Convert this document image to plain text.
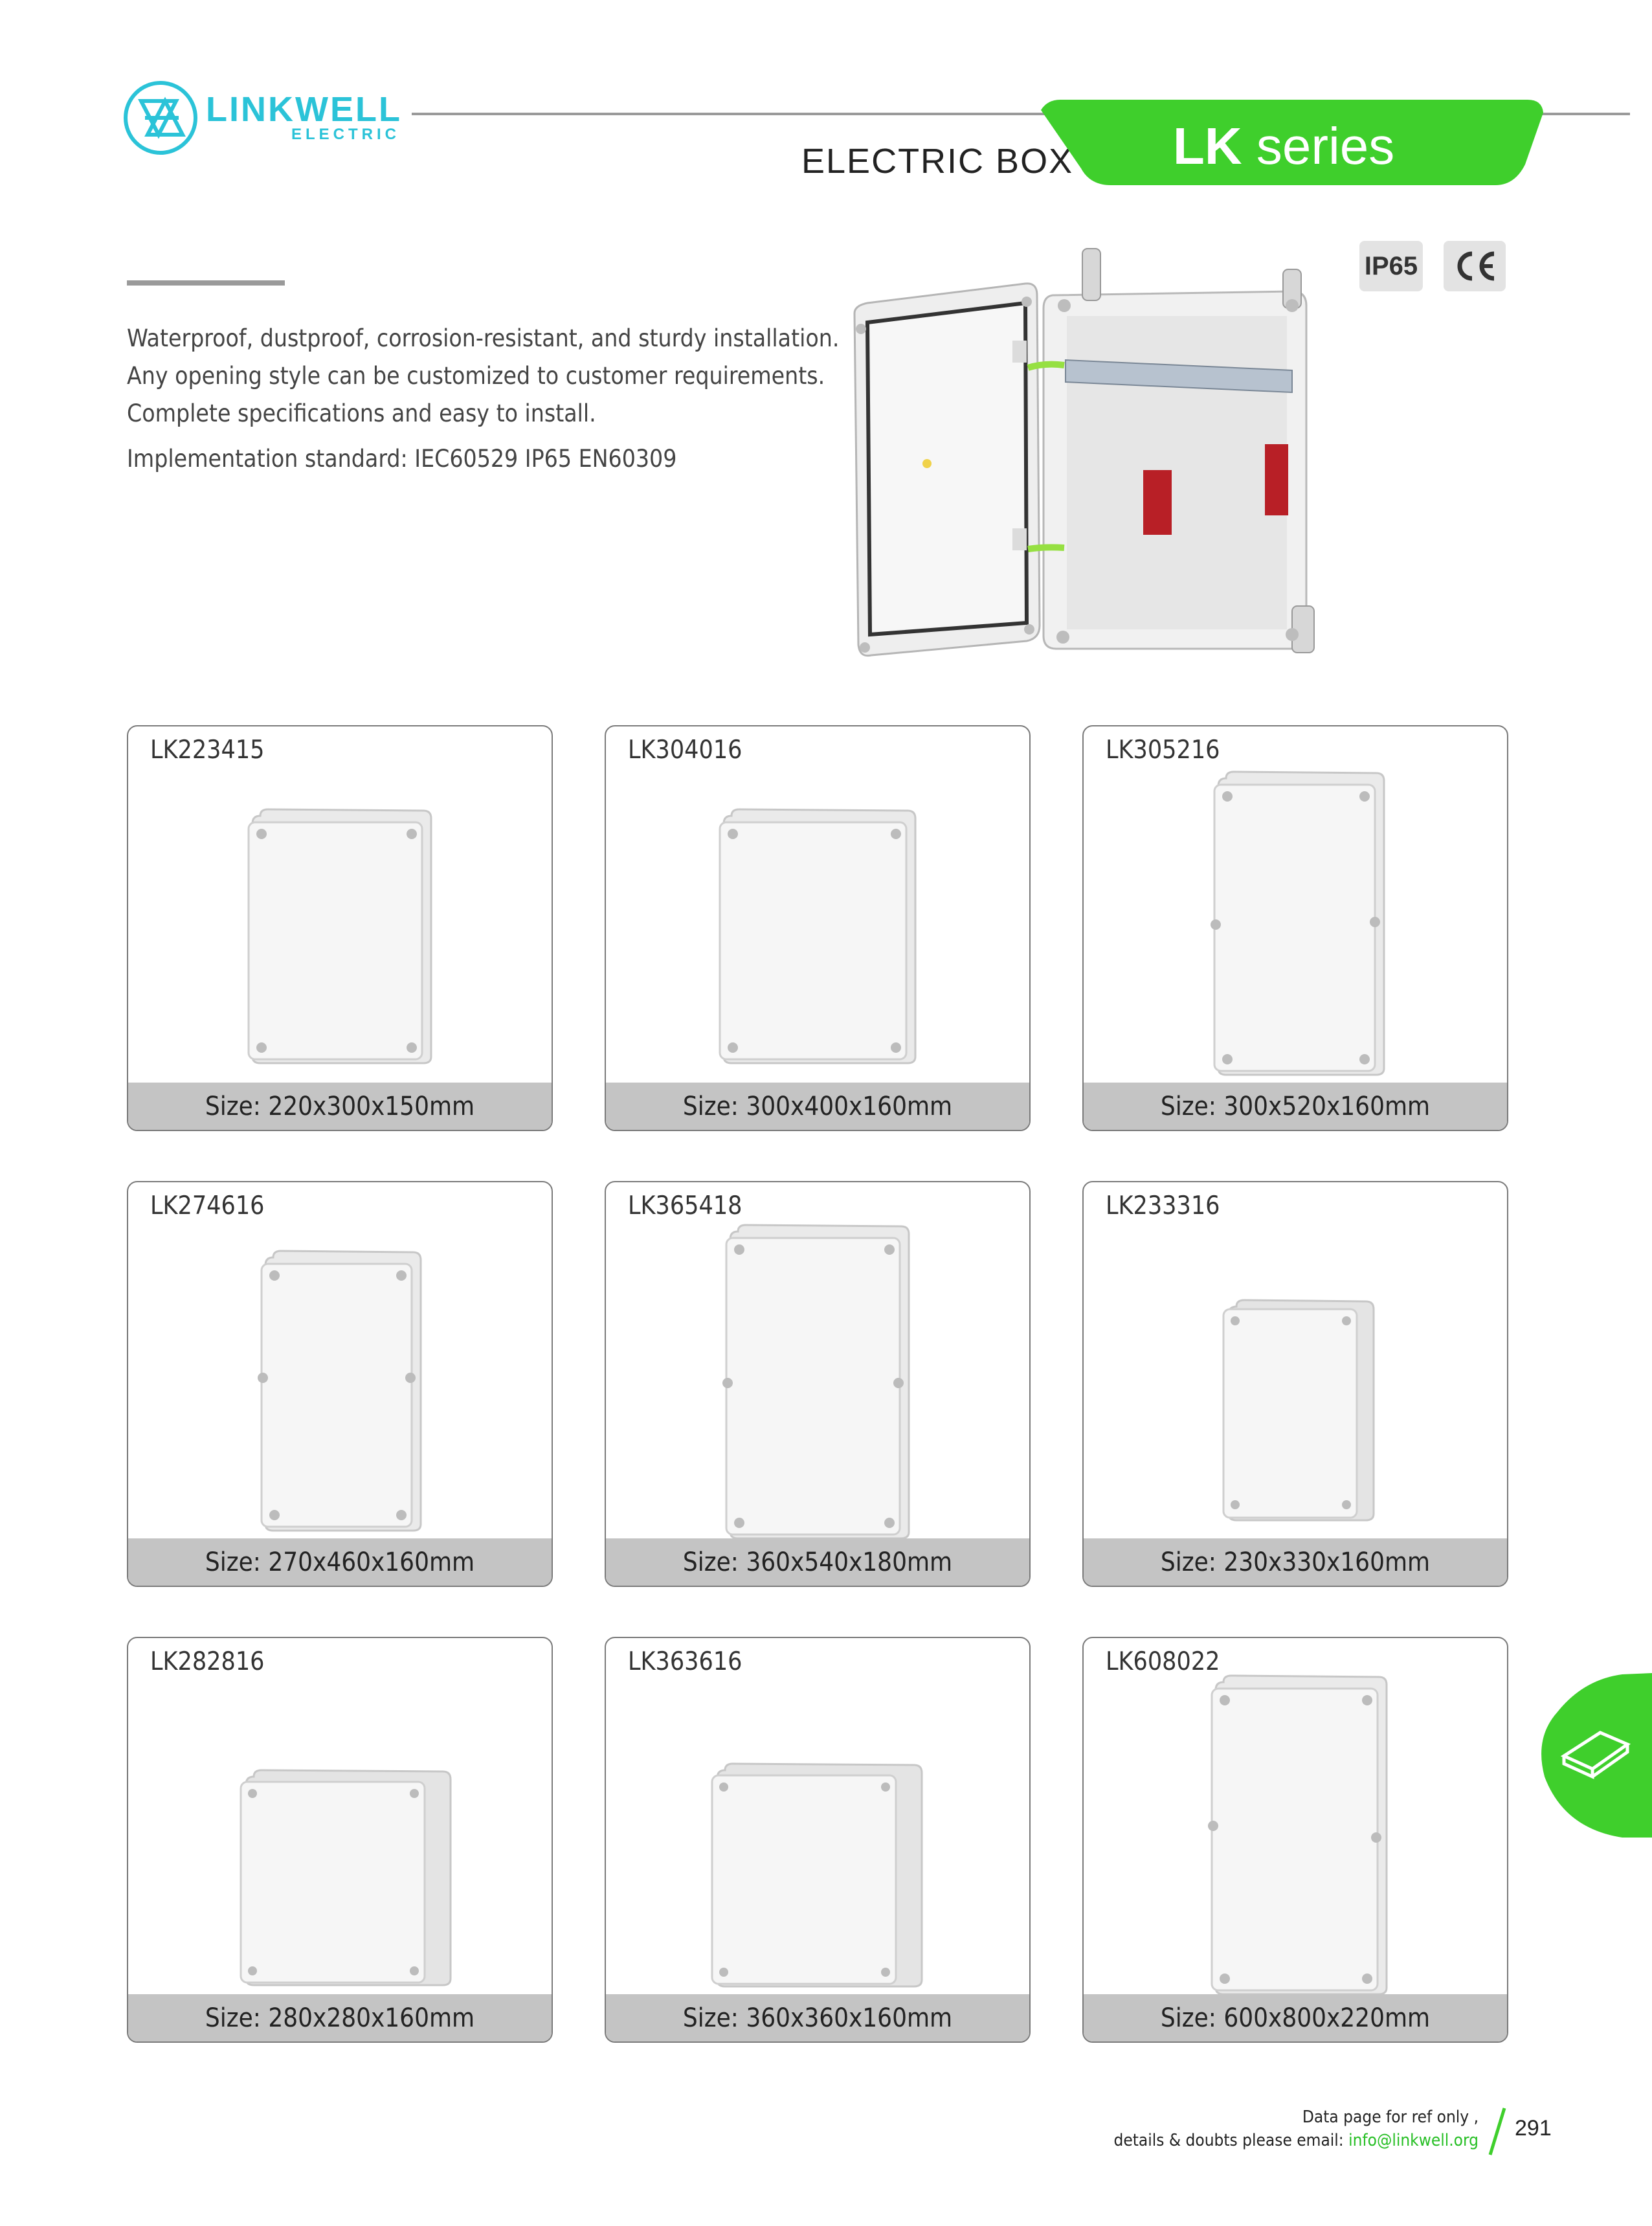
LINKWELL
ELECTRIC
ELECTRIC BOX LK series

Waterproof, dustproof, corrosion-resistant, and sturdy installation.

Any opening style can be customized to customer requirements.

Complete specifications and easy to install.

Implementation standard: IEC60529 IP65 EN60309

IP65
LK223415
Size: 220x300x150mm
LK304016
Size: 300x400x160mm
LK305216
Size: 300x520x160mm
LK274616
Size: 270x460x160mm
LK365418
Size: 360x540x180mm
LK233316
Size: 230x330x160mm
LK282816
Size: 280x280x160mm
LK363616
Size: 360x360x160mm
LK608022
Size: 600x800x220mm
Data page for ref only ,
details & doubts please email: info@linkwell.org 291
